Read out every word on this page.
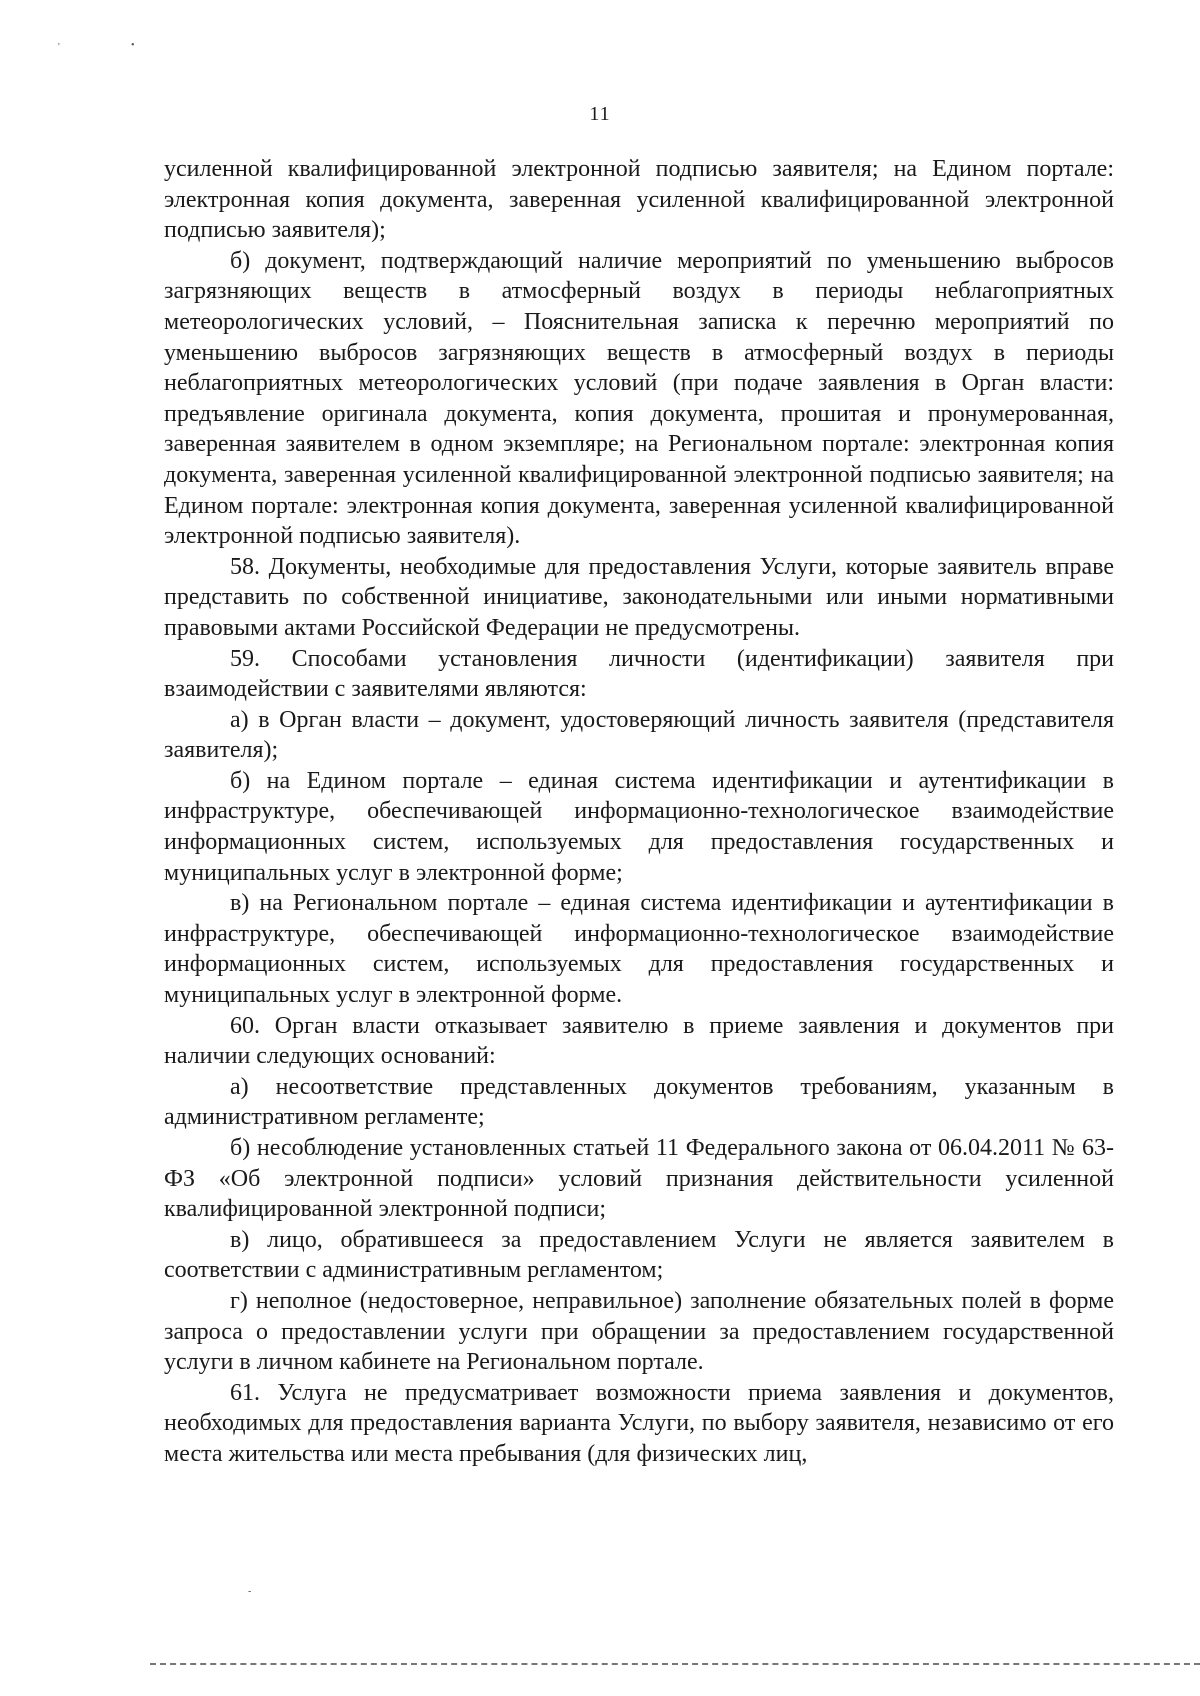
'	•
11

усиленной квалифицированной электронной подписью заявителя; на Едином портале: электронная копия документа, заверенная усиленной квалифицированной электронной подписью заявителя);

б) документ, подтверждающий наличие мероприятий по уменьшению выбросов загрязняющих веществ в атмосферный воздух в периоды неблагоприятных метеорологических условий, – Пояснительная записка к перечню мероприятий по уменьшению выбросов загрязняющих веществ в атмосферный воздух в периоды неблагоприятных метеорологических условий (при подаче заявления в Орган власти: предъявление оригинала документа, копия документа, прошитая и пронумерованная, заверенная заявителем в одном экземпляре; на Региональном портале: электронная копия документа, заверенная усиленной квалифицированной электронной подписью заявителя; на Едином портале: электронная копия документа, заверенная усиленной квалифицированной электронной подписью заявителя).

58. Документы, необходимые для предоставления Услуги, которые заявитель вправе представить по собственной инициативе, законодательными или иными нормативными правовыми актами Российской Федерации не предусмотрены.

59. Способами установления личности (идентификации) заявителя при взаимодействии с заявителями являются:

а) в Орган власти – документ, удостоверяющий личность заявителя (представителя заявителя);

б) на Едином портале – единая система идентификации и аутентификации в инфраструктуре, обеспечивающей информационно-технологическое взаимодействие информационных систем, используемых для предоставления государственных и муниципальных услуг в электронной форме;

в) на Региональном портале – единая система идентификации и аутентификации в инфраструктуре, обеспечивающей информационно-технологическое взаимодействие информационных систем, используемых для предоставления государственных и муниципальных услуг в электронной форме.

60. Орган власти отказывает заявителю в приеме заявления и документов при наличии следующих оснований:

а) несоответствие представленных документов требованиям, указанным в административном регламенте;

б) несоблюдение установленных статьей 11 Федерального закона от 06.04.2011 № 63-ФЗ «Об электронной подписи» условий признания действительности усиленной квалифицированной электронной подписи;

в) лицо, обратившееся за предоставлением Услуги не является заявителем в соответствии с административным регламентом;

г) неполное (недостоверное, неправильное) заполнение обязательных полей в форме запроса о предоставлении услуги при обращении за предоставлением государственной услуги в личном кабинете на Региональном портале.

61. Услуга не предусматривает возможности приема заявления и документов, необходимых для предоставления варианта Услуги, по выбору заявителя, независимо от его места жительства или места пребывания (для физических лиц,

-
